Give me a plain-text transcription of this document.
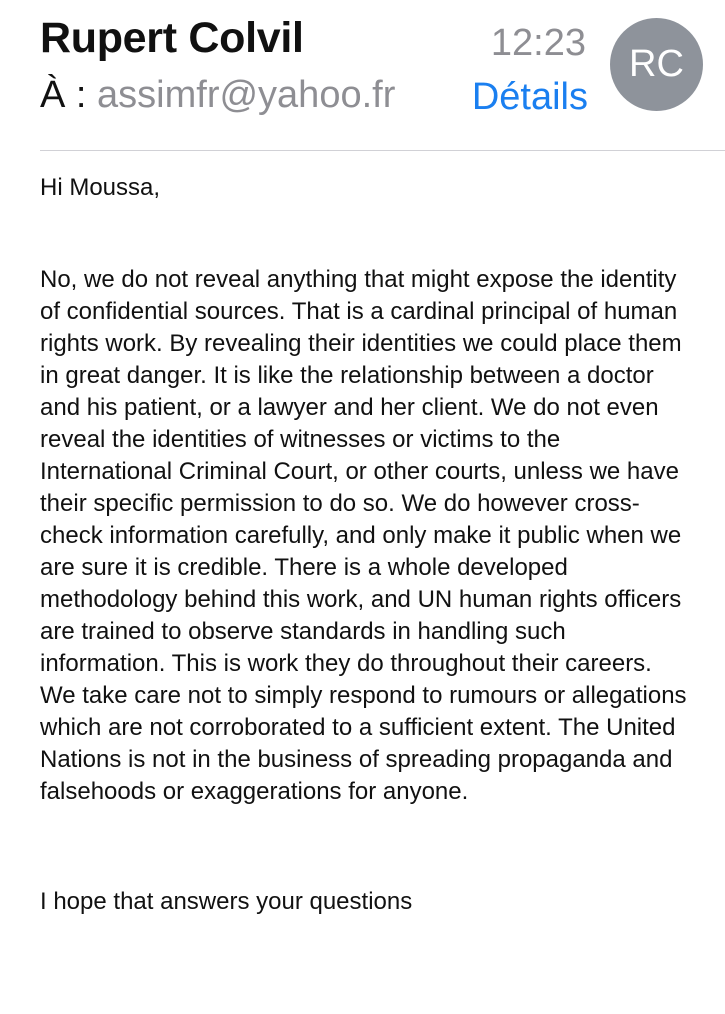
Rupert Colvil	12:23
À : assimfr@yahoo.fr Détails
RC

Hi Moussa,

No, we do not reveal anything that might expose the identity of confidential sources. That is a cardinal principal of human rights work. By revealing their identities we could place them in great danger. It is like the relationship between a doctor and his patient, or a lawyer and her client. We do not even reveal the identities of witnesses or victims to the International Criminal Court, or other courts, unless we have their specific permission to do so. We do however cross-check information carefully, and only make it public when we are sure it is credible. There is a whole developed methodology behind this work, and UN human rights officers are trained to observe standards in handling such information. This is work they do throughout their careers. We take care not to simply respond to rumours or allegations which are not corroborated to a sufficient extent. The United Nations is not in the business of spreading propaganda and falsehoods or exaggerations for anyone.

I hope that answers your questions
